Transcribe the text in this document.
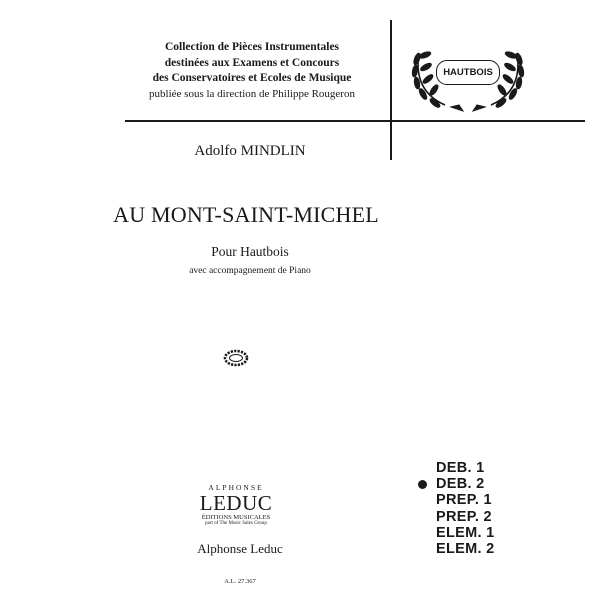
Collection de Pièces Instrumentales
destinées aux Examens et Concours
des Conservatoires et Ecoles de Musique
publiée sous la direction de Philippe Rougeron
HAUTBOIS
Adolfo MINDLIN
AU MONT-SAINT-MICHEL
Pour Hautbois
avec accompagnement de Piano
ALPHONSE
LEDUC
ÉDITIONS MUSICALES
part of The Music Sales Group
Alphonse Leduc
A.L. 27.367
DEB. 1
DEB. 2
PREP. 1
PREP. 2
ELEM. 1
ELEM. 2
